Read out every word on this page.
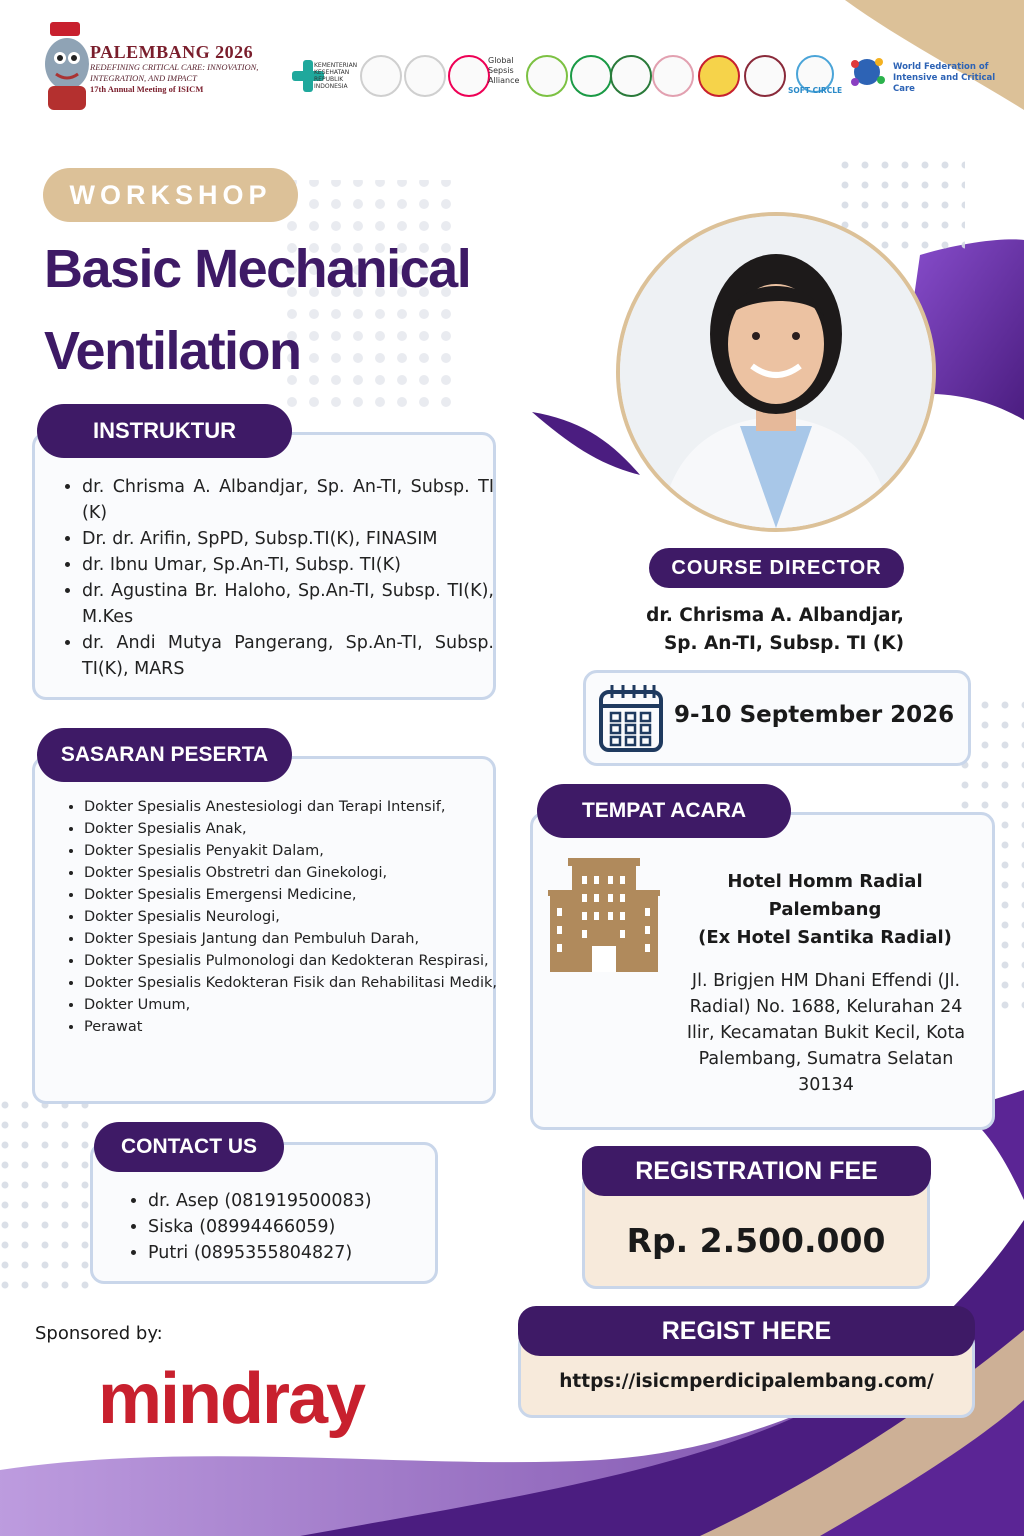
PALEMBANG 2026
REDEFINING CRITICAL CARE: INNOVATION, INTEGRATION, AND IMPACT
17th Annual Meeting of ISICM
KEMENTERIAN KESEHATAN REPUBLIK INDONESIA
Global Sepsis Alliance
SOFT CIRCLE
World Federation of Intensive and Critical Care
WORKSHOP
Basic Mechanical
Ventilation
INSTRUKTUR
• dr. Chrisma A. Albandjar, Sp. An-TI, Subsp. TI (K)
• Dr. dr. Arifin, SpPD, Subsp.TI(K), FINASIM
• dr. Ibnu Umar, Sp.An-TI, Subsp. TI(K)
• dr. Agustina Br. Haloho, Sp.An-TI, Subsp. TI(K), M.Kes
• dr. Andi Mutya Pangerang, Sp.An-TI, Subsp. TI(K), MARS
SASARAN PESERTA
• Dokter Spesialis Anestesiologi dan Terapi Intensif,
• Dokter Spesialis Anak,
• Dokter Spesialis Penyakit Dalam,
• Dokter Spesialis Obstretri dan Ginekologi,
• Dokter Spesialis Emergensi Medicine,
• Dokter Spesialis Neurologi,
• Dokter Spesiais Jantung dan Pembuluh Darah,
• Dokter Spesialis Pulmonologi dan Kedokteran Respirasi,
• Dokter Spesialis Kedokteran Fisik dan Rehabilitasi Medik,
• Dokter Umum,
• Perawat
CONTACT US
• dr. Asep (081919500083)
• Siska (08994466059)
• Putri (0895355804827)
Sponsored by:
mindray
COURSE DIRECTOR
dr. Chrisma A. Albandjar,
Sp. An-TI, Subsp. TI (K)
9-10 September 2026
TEMPAT ACARA
Hotel Homm Radial
Palembang
(Ex Hotel Santika Radial)
Jl. Brigjen HM Dhani Effendi (Jl. Radial) No. 1688, Kelurahan 24 Ilir, Kecamatan Bukit Kecil, Kota Palembang, Sumatra Selatan 30134
REGISTRATION FEE
Rp. 2.500.000
REGIST HERE
https://isicmperdicipalembang.com/
